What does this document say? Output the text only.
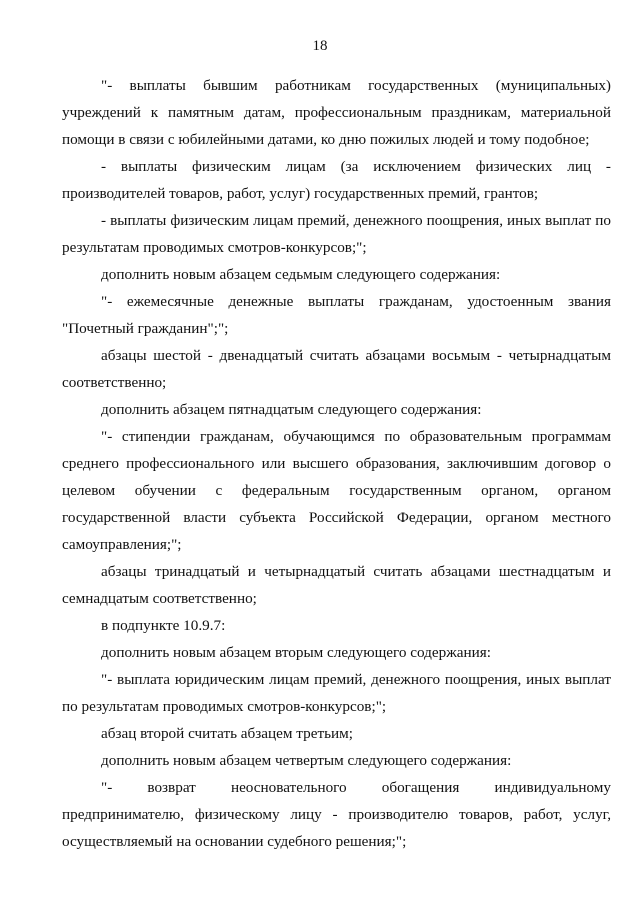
18

"- выплаты бывшим работникам государственных (муниципальных) учреждений к памятным датам, профессиональным праздникам, материальной помощи в связи с юбилейными датами, ко дню пожилых людей и тому подобное;

- выплаты физическим лицам (за исключением физических лиц - производителей товаров, работ, услуг) государственных премий, грантов;

- выплаты физическим лицам премий, денежного поощрения, иных выплат по результатам проводимых смотров-конкурсов;";

дополнить новым абзацем седьмым следующего содержания:

"- ежемесячные денежные выплаты гражданам, удостоенным звания "Почетный гражданин";";

абзацы шестой - двенадцатый считать абзацами восьмым - четырнадцатым соответственно;

дополнить абзацем пятнадцатым следующего содержания:

"- стипендии гражданам, обучающимся по образовательным программам среднего профессионального или высшего образования, заключившим договор о целевом обучении с федеральным государственным органом, органом государственной власти субъекта Российской Федерации, органом местного самоуправления;";

абзацы тринадцатый и четырнадцатый считать абзацами шестнадцатым и семнадцатым соответственно;

в подпункте 10.9.7:

дополнить новым абзацем вторым следующего содержания:

"- выплата юридическим лицам премий, денежного поощрения, иных выплат по результатам проводимых смотров-конкурсов;";

абзац второй считать абзацем третьим;

дополнить новым абзацем четвертым следующего содержания:

"- возврат неосновательного обогащения индивидуальному предпринимателю, физическому лицу - производителю товаров, работ, услуг, осуществляемый на основании судебного решения;";
